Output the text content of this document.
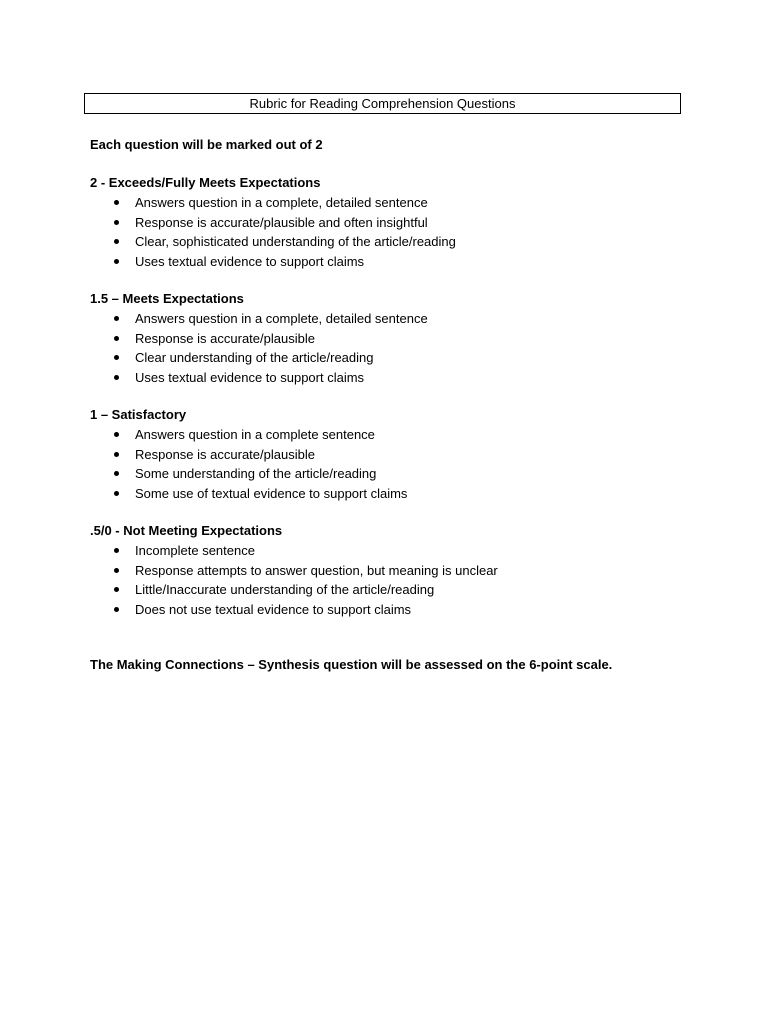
Rubric for Reading Comprehension Questions
Each question will be marked out of 2
2 - Exceeds/Fully Meets Expectations
Answers question in a complete, detailed sentence
Response is accurate/plausible and often insightful
Clear, sophisticated understanding of the article/reading
Uses textual evidence to support claims
1.5 – Meets Expectations
Answers question in a complete, detailed sentence
Response is accurate/plausible
Clear understanding of the article/reading
Uses textual evidence to support claims
1 – Satisfactory
Answers question in a complete sentence
Response is accurate/plausible
Some understanding of the article/reading
Some use of textual evidence to support claims
.5/0 - Not Meeting Expectations
Incomplete sentence
Response attempts to answer question, but meaning is unclear
Little/Inaccurate understanding of the article/reading
Does not use textual evidence to support claims
The Making Connections – Synthesis question will be assessed on the 6-point scale.
